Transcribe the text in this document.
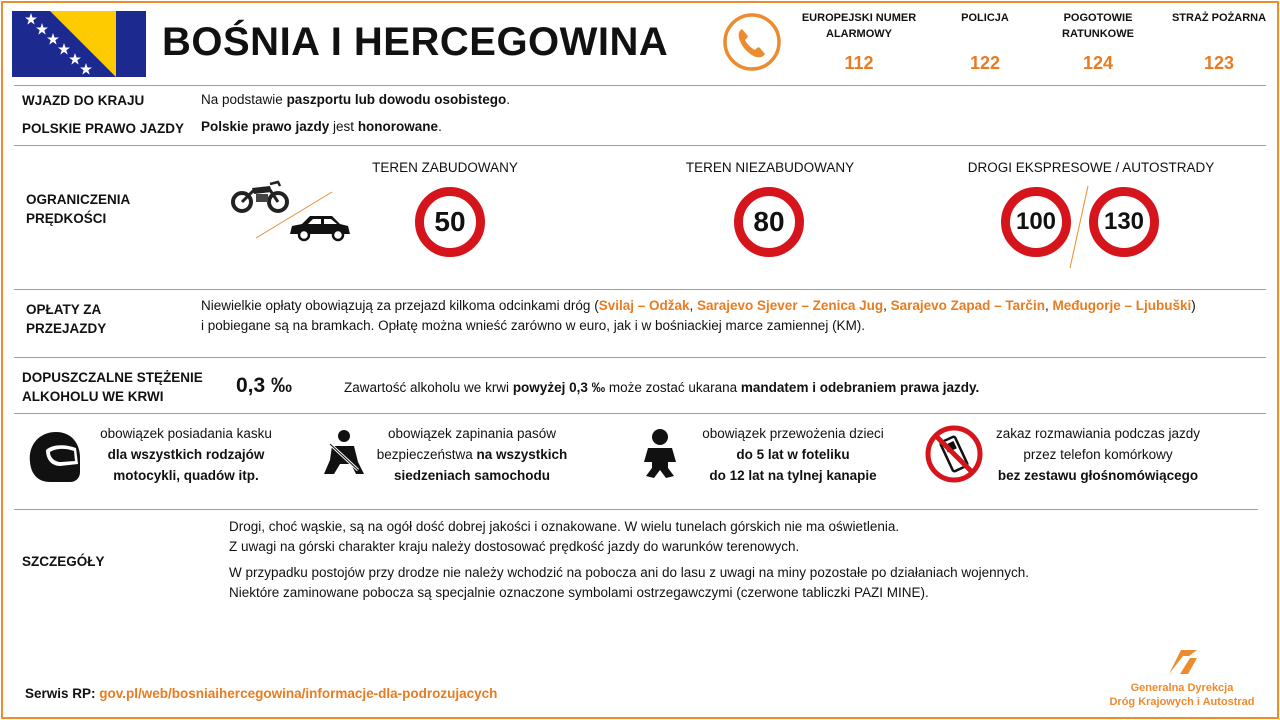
BOŚNIA I HERCEGOWINA
EUROPEJSKI NUMER ALARMOWY
112
POLICJA
122
POGOTOWIE RATUNKOWE
124
STRAŻ POŻARNA
123
WJAZD DO KRAJU	Na podstawie paszportu lub dowodu osobistego.
POLSKIE PRAWO JAZDY Polskie prawo jazdy jest honorowane.
OGRANICZENIA PRĘDKOŚCI
TEREN ZABUDOWANY
50
TEREN NIEZABUDOWANY
80
DROGI EKSPRESOWE / AUTOSTRADY
100	130
OPŁATY ZA PRZEJAZDY
Niewielkie opłaty obowiązują za przejazd kilkoma odcinkami dróg (Svilaj – Odžak, Sarajevo Sjever – Zenica Jug, Sarajevo Zapad – Tarčin, Međugorje – Ljubuški)
i pobiegane są na bramkach. Opłatę można wnieść zarówno w euro, jak i w bośniackiej marce zamiennej (KM).
DOPUSZCZALNE STĘŻENIE ALKOHOLU WE KRWI	0,3 ‰	Zawartość alkoholu we krwi powyżej 0,3 ‰ może zostać ukarana mandatem i odebraniem prawa jazdy.
obowiązek posiadania kasku
dla wszystkich rodzajów
motocykli, quadów itp.
obowiązek zapinania pasów
bezpieczeństwa na wszystkich
siedzeniach samochodu
obowiązek przewożenia dzieci
do 5 lat w foteliku
do 12 lat na tylnej kanapie
zakaz rozmawiania podczas jazdy
przez telefon komórkowy
bez zestawu głośnomówiącego
SZCZEGÓŁY
Drogi, choć wąskie, są na ogół dość dobrej jakości i oznakowane. W wielu tunelach górskich nie ma oświetlenia.
Z uwagi na górski charakter kraju należy dostosować prędkość jazdy do warunków terenowych.
W przypadku postojów przy drodze nie należy wchodzić na pobocza ani do lasu z uwagi na miny pozostałe po działaniach wojennych.
Niektóre zaminowane pobocza są specjalnie oznaczone symbolami ostrzegawczymi (czerwone tabliczki PAZI MINE).
Serwis RP: gov.pl/web/bosniaihercegowina/informacje-dla-podrozujacych	Generalna Dyrekcja
Dróg Krajowych i Autostrad
